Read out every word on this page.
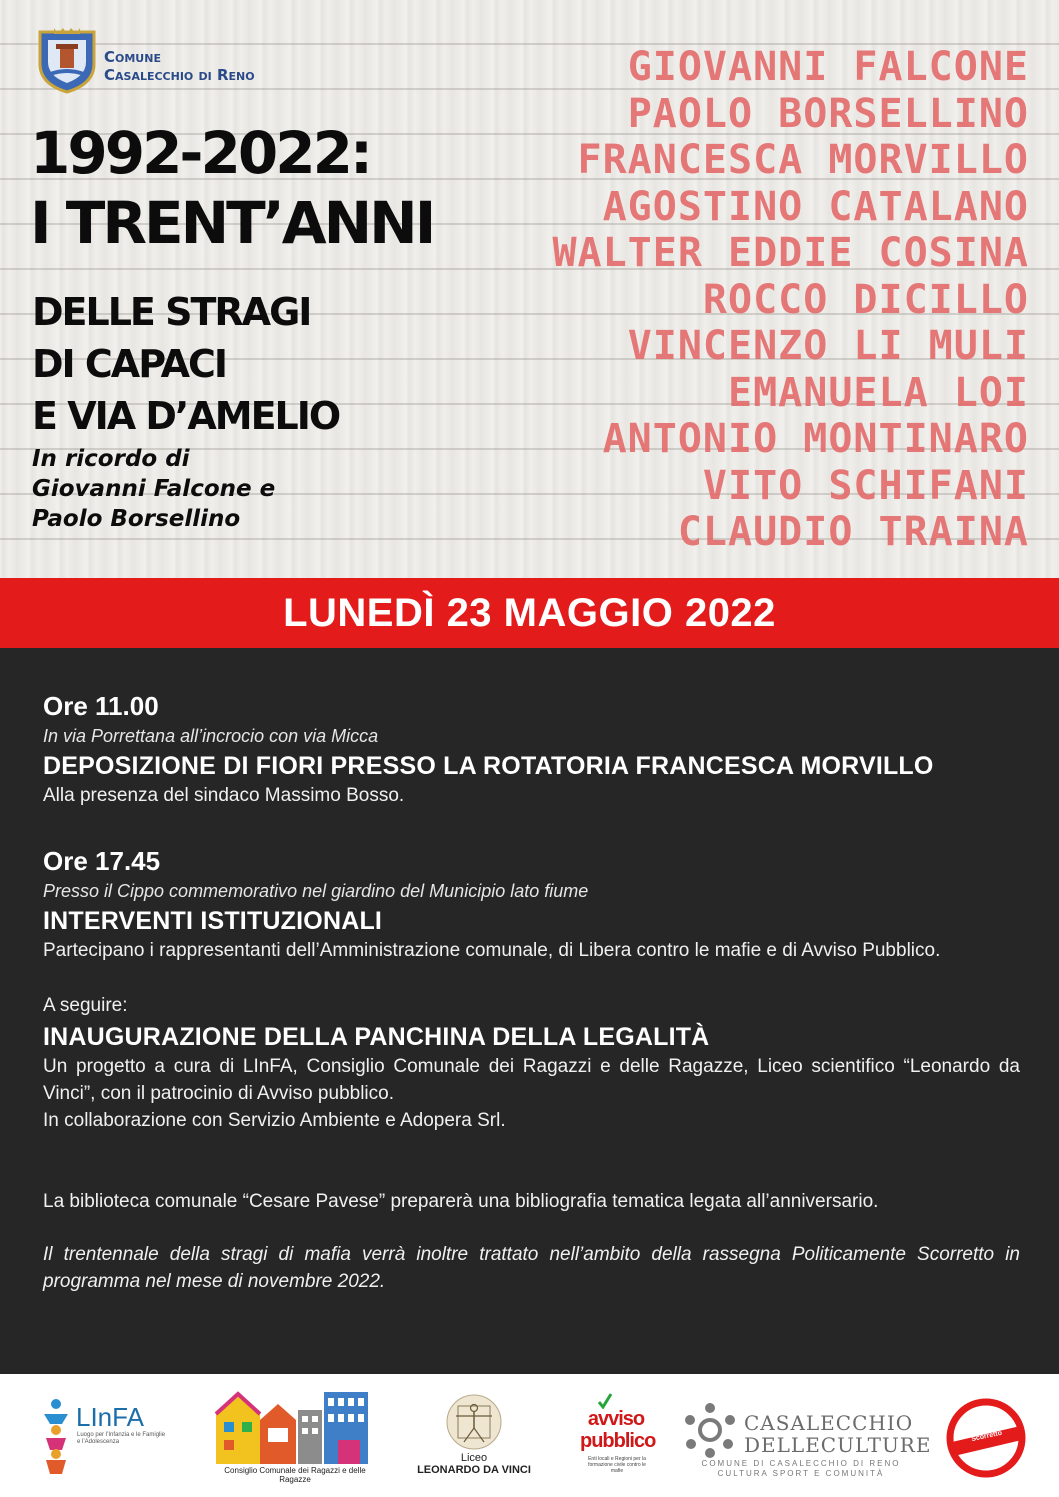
Comune
Casalecchio di Reno
1992-2022:
I TRENT’ANNI
DELLE STRAGI
DI CAPACI
E VIA D’AMELIO
In ricordo di
Giovanni Falcone e
Paolo Borsellino
GIOVANNI FALCONE
PAOLO BORSELLINO
FRANCESCA MORVILLO
AGOSTINO CATALANO
WALTER EDDIE COSINA
ROCCO DICILLO
VINCENZO LI MULI
EMANUELA LOI
ANTONIO MONTINARO
VITO SCHIFANI
CLAUDIO TRAINA
LUNEDÌ 23 MAGGIO 2022

Ore 11.00

In via Porrettana all’incrocio con via Micca

DEPOSIZIONE DI FIORI PRESSO LA ROTATORIA FRANCESCA MORVILLO

Alla presenza del sindaco Massimo Bosso.

Ore 17.45

Presso il Cippo commemorativo nel giardino del Municipio lato fiume

INTERVENTI ISTITUZIONALI

Partecipano i rappresentanti dell’Amministrazione comunale, di Libera contro le mafie e di Avviso Pubblico.

A seguire:

INAUGURAZIONE DELLA PANCHINA DELLA LEGALITÀ

Un progetto a cura di LInFA, Consiglio Comunale dei Ragazzi e delle Ragazze, Liceo scientifico “Leonardo da Vinci”, con il patrocinio di Avviso pubblico.

In collaborazione con Servizio Ambiente e Adopera Srl.

La biblioteca comunale “Cesare Pavese” preparerà una bibliografia tematica legata all’anniversario.

Il trentennale della stragi di mafia verrà inoltre trattato nell’ambito della rassegna Politicamente Scorretto in programma nel mese di novembre 2022.

LInFA
Luogo per l’Infanzia e le Famiglie e l’Adolescenza
Consiglio Comunale dei Ragazzi e delle Ragazze
Liceo
LEONARDO DA VINCI
avviso
pubblico
Enti locali e Regioni per la formazione civile contro le mafie
CASALECCHIO
DELLECULTURE
COMUNE DI CASALECCHIO DI RENO
CULTURA SPORT E COMUNITÀ
Politicamente Scorretto
